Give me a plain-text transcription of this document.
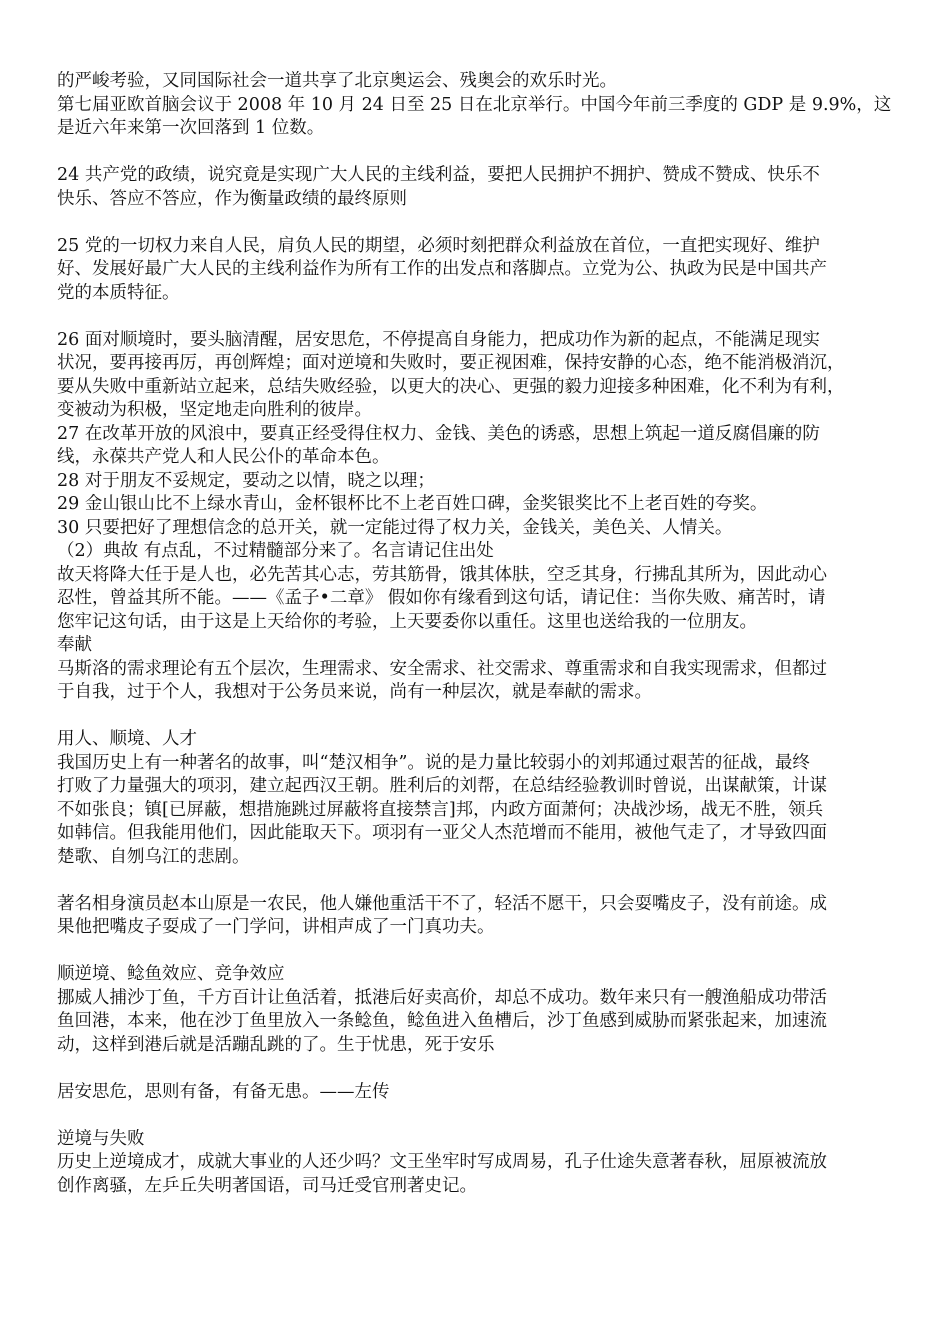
的严峻考验，又同国际社会一道共享了北京奥运会、残奥会的欢乐时光。
第七届亚欧首脑会议于 2008 年 10 月 24 日至 25 日在北京举行。中国今年前三季度的 GDP 是 9.9%，这
是近六年来第一次回落到 1 位数。
24 共产党的政绩，说究竟是实现广大人民的主线利益，要把人民拥护不拥护、赞成不赞成、快乐不
快乐、答应不答应，作为衡量政绩的最终原则
25 党的一切权力来自人民，肩负人民的期望，必须时刻把群众利益放在首位，一直把实现好、维护
好、发展好最广大人民的主线利益作为所有工作的出发点和落脚点。立党为公、执政为民是中国共产
党的本质特征。
26 面对顺境时，要头脑清醒，居安思危，不停提高自身能力，把成功作为新的起点，不能满足现实
状况，要再接再厉，再创辉煌；面对逆境和失败时，要正视困难，保持安静的心态，绝不能消极消沉，
要从失败中重新站立起来，总结失败经验，以更大的决心、更强的毅力迎接多种困难，化不利为有利，
变被动为积极，坚定地走向胜利的彼岸。
27 在改革开放的风浪中，要真正经受得住权力、金钱、美色的诱惑，思想上筑起一道反腐倡廉的防
线，永葆共产党人和人民公仆的革命本色。
28 对于朋友不妥规定，要动之以情，晓之以理；
29 金山银山比不上绿水青山，金杯银杯比不上老百姓口碑，金奖银奖比不上老百姓的夸奖。
30 只要把好了理想信念的总开关，就一定能过得了权力关，金钱关，美色关、人情关。
（2）典故 有点乱，不过精髓部分来了。名言请记住出处
故天将降大任于是人也，必先苦其心志，劳其筋骨，饿其体肤，空乏其身，行拂乱其所为，因此动心
忍性，曾益其所不能。——《孟子•二章》 假如你有缘看到这句话，请记住：当你失败、痛苦时，请
您牢记这句话，由于这是上天给你的考验，上天要委你以重任。这里也送给我的一位朋友。
奉献
马斯洛的需求理论有五个层次，生理需求、安全需求、社交需求、尊重需求和自我实现需求，但都过
于自我，过于个人，我想对于公务员来说，尚有一种层次，就是奉献的需求。
用人、顺境、人才
我国历史上有一种著名的故事，叫“楚汉相争”。说的是力量比较弱小的刘邦通过艰苦的征战，最终
打败了力量强大的项羽，建立起西汉王朝。胜利后的刘帮，在总结经验教训时曾说，出谋献策，计谋
不如张良；镇[已屏蔽，想措施跳过屏蔽将直接禁言]邦，内政方面萧何；决战沙场，战无不胜，领兵
如韩信。但我能用他们，因此能取天下。项羽有一亚父人杰范增而不能用，被他气走了，才导致四面
楚歌、自刎乌江的悲剧。
著名相身演员赵本山原是一农民，他人嫌他重活干不了，轻活不愿干，只会耍嘴皮子，没有前途。成
果他把嘴皮子耍成了一门学问，讲相声成了一门真功夫。
顺逆境、鲶鱼效应、竞争效应
挪威人捕沙丁鱼，千方百计让鱼活着，抵港后好卖高价，却总不成功。数年来只有一艘渔船成功带活
鱼回港，本来，他在沙丁鱼里放入一条鲶鱼，鲶鱼进入鱼槽后，沙丁鱼感到威胁而紧张起来，加速流
动，这样到港后就是活蹦乱跳的了。生于忧患，死于安乐
居安思危，思则有备，有备无患。——左传
逆境与失败
历史上逆境成才，成就大事业的人还少吗？文王坐牢时写成周易，孔子仕途失意著春秋，屈原被流放
创作离骚，左乒丘失明著国语，司马迁受官刑著史记。
